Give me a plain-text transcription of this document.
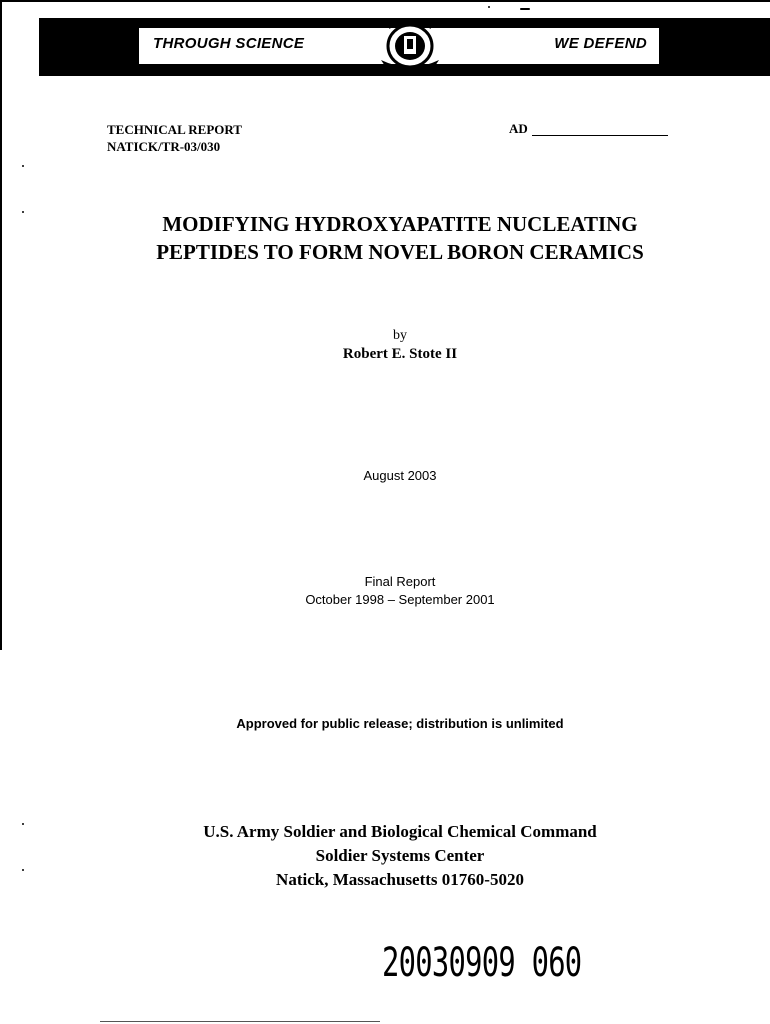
THROUGH SCIENCE	WE DEFEND
TECHNICAL REPORT
NATICK/TR-03/030
AD
MODIFYING HYDROXYAPATITE NUCLEATING
PEPTIDES TO FORM NOVEL BORON CERAMICS
by
Robert E. Stote II
August 2003
Final Report
October 1998 – September 2001
Approved for public release; distribution is unlimited
U.S. Army Soldier and Biological Chemical Command
Soldier Systems Center
Natick, Massachusetts 01760-5020
20030909 060
